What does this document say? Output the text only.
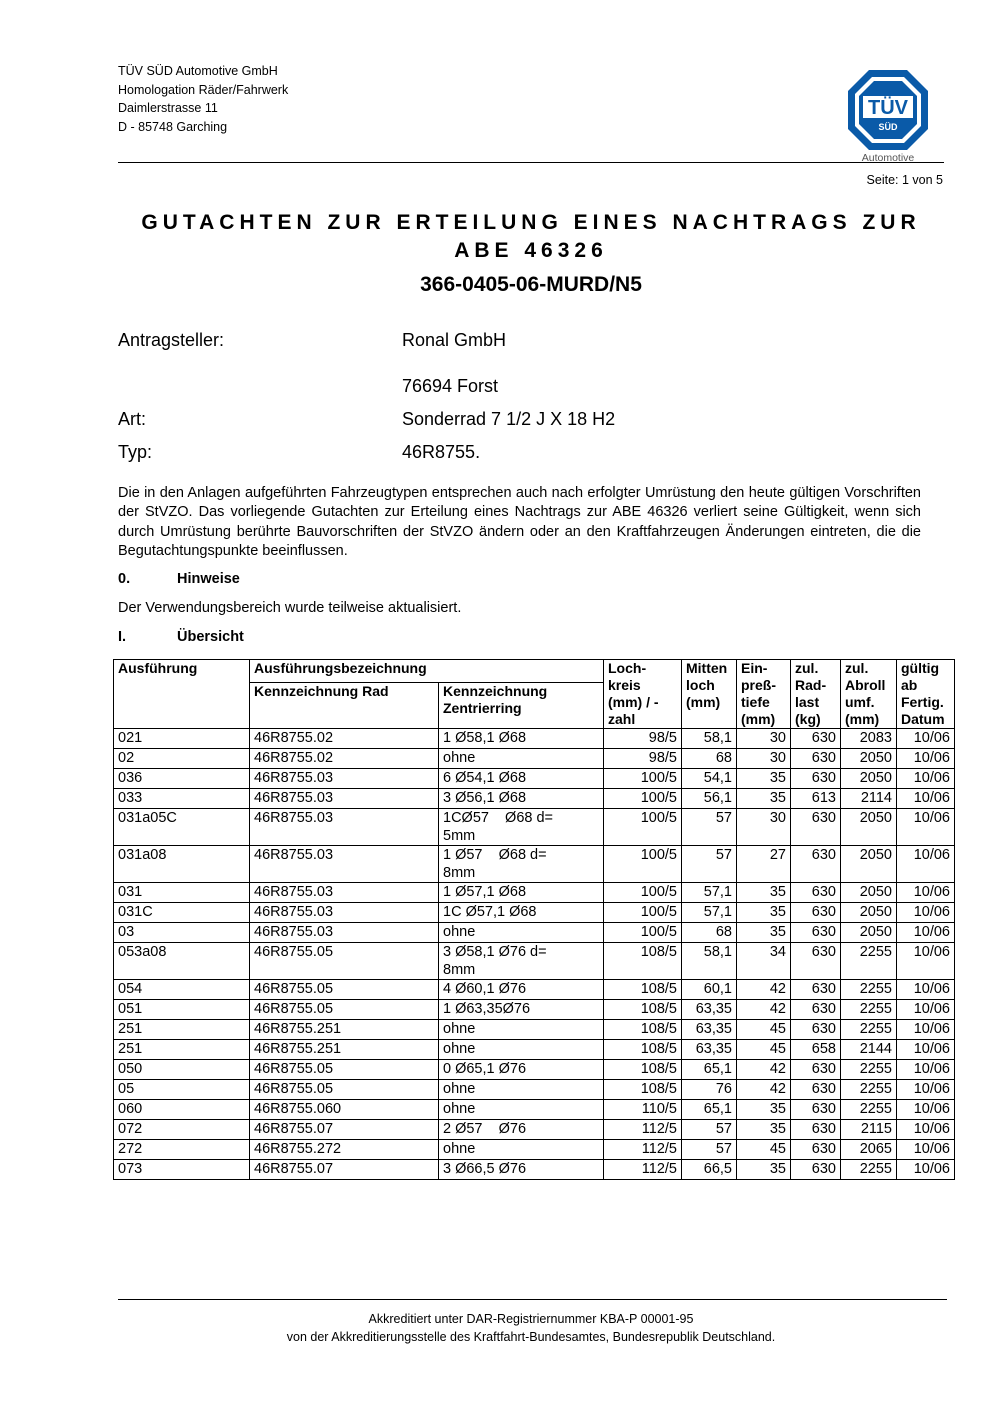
TÜV SÜD Automotive GmbH
Homologation Räder/Fahrwerk
Daimlerstrasse 11
D - 85748 Garching
TÜV
SÜD
Automotive
Seite: 1 von 5
GUTACHTEN ZUR ERTEILUNG EINES NACHTRAGS ZUR
ABE 46326
366-0405-06-MURD/N5
Antragsteller:	Ronal GmbH
76694 Forst
Art:	Sonderrad 7 1/2 J X 18 H2
Typ:	46R8755.
Die in den Anlagen aufgeführten Fahrzeugtypen entsprechen auch nach erfolgter Umrüstung den heute gültigen Vorschriften der StVZO. Das vorliegende Gutachten zur Erteilung eines Nachtrags zur ABE 46326 verliert seine Gültigkeit, wenn sich durch Umrüstung berührte Bauvorschriften der StVZO ändern oder an den Kraftfahrzeugen Änderungen eintreten, die die Begutachtungspunkte beeinflussen.
0.	Hinweise
Der Verwendungsbereich wurde teilweise aktualisiert.
I.	Übersicht
Ausführung	Ausführungsbezeichnung		Loch-kreis (mm) / -zahl	Mitten loch (mm)	Ein-preß-tiefe (mm)	zul. Rad-last (kg)	zul. Abroll umf. (mm)	gültig ab Fertig. Datum
	Kennzeichnung Rad	Kennzeichnung Zentrierring						
021	46R8755.02	1 Ø58,1 Ø68	98/5	58,1	30	630	2083	10/06
02	46R8755.02	ohne	98/5	68	30	630	2050	10/06
036	46R8755.03	6 Ø54,1 Ø68	100/5	54,1	35	630	2050	10/06
033	46R8755.03	3 Ø56,1 Ø68	100/5	56,1	35	613	2114	10/06
031a05C	46R8755.03	1CØ57    Ø68 d=
5mm	100/5	57	30	630	2050	10/06
031a08	46R8755.03	1 Ø57    Ø68 d=
8mm	100/5	57	27	630	2050	10/06
031	46R8755.03	1 Ø57,1 Ø68	100/5	57,1	35	630	2050	10/06
031C	46R8755.03	1C Ø57,1 Ø68	100/5	57,1	35	630	2050	10/06
03	46R8755.03	ohne	100/5	68	35	630	2050	10/06
053a08	46R8755.05	3 Ø58,1 Ø76 d=
8mm	108/5	58,1	34	630	2255	10/06
054	46R8755.05	4 Ø60,1 Ø76	108/5	60,1	42	630	2255	10/06
051	46R8755.05	1 Ø63,35Ø76	108/5	63,35	42	630	2255	10/06
251	46R8755.251	ohne	108/5	63,35	45	630	2255	10/06
251	46R8755.251	ohne	108/5	63,35	45	658	2144	10/06
050	46R8755.05	0 Ø65,1 Ø76	108/5	65,1	42	630	2255	10/06
05	46R8755.05	ohne	108/5	76	42	630	2255	10/06
060	46R8755.060	ohne	110/5	65,1	35	630	2255	10/06
072	46R8755.07	2 Ø57    Ø76	112/5	57	35	630	2115	10/06
272	46R8755.272	ohne	112/5	57	45	630	2065	10/06
073	46R8755.07	3 Ø66,5 Ø76	112/5	66,5	35	630	2255	10/06
Akkreditiert unter DAR-Registriernummer KBA-P 00001-95
von der Akkreditierungsstelle des Kraftfahrt-Bundesamtes, Bundesrepublik Deutschland.
